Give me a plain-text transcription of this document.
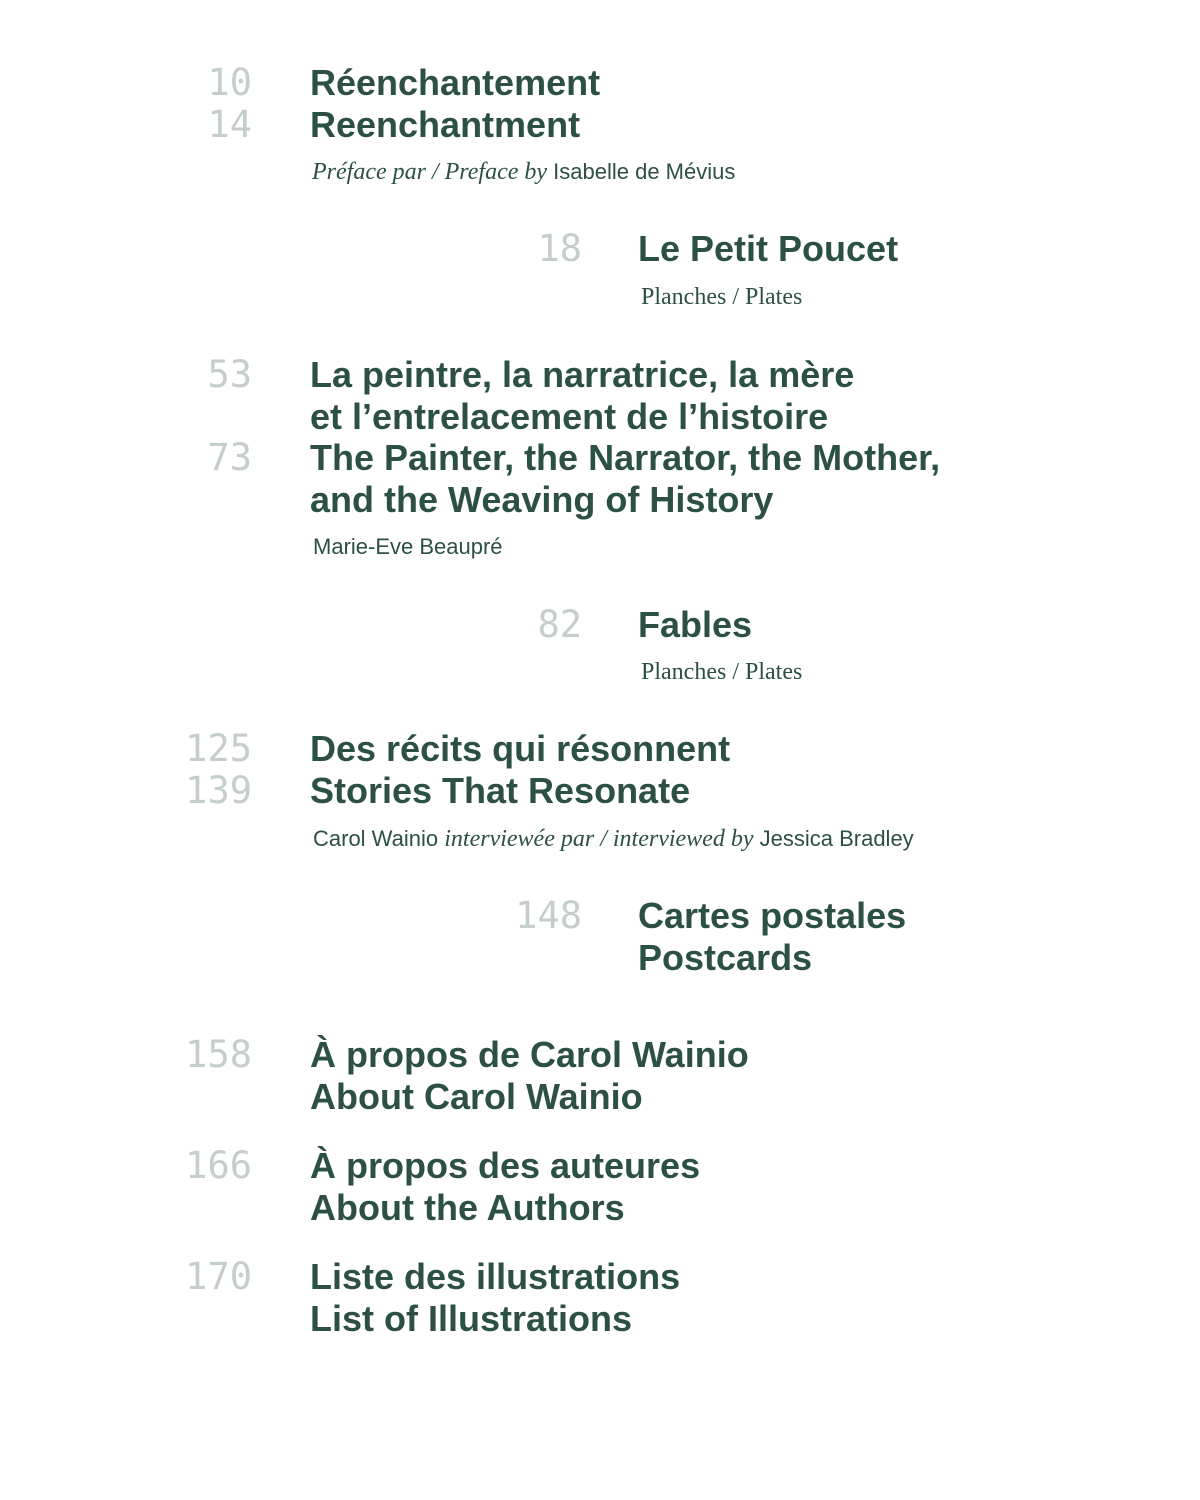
10
14
Réenchantement
Reenchantment
Préface par / Preface by Isabelle de Mévius
18 Le Petit Poucet
Planches / Plates
53
73
La peintre, la narratrice, la mère
et l’entrelacement de l’histoire
The Painter, the Narrator, the Mother,
and the Weaving of History
Marie-Eve Beaupré
82 Fables
Planches / Plates
125
139
Des récits qui résonnent
Stories That Resonate
Carol Wainio interviewée par / interviewed by Jessica Bradley
148 Cartes postales
Postcards
158 À propos de Carol Wainio
About Carol Wainio
166 À propos des auteures
About the Authors
170 Liste des illustrations
List of Illustrations
